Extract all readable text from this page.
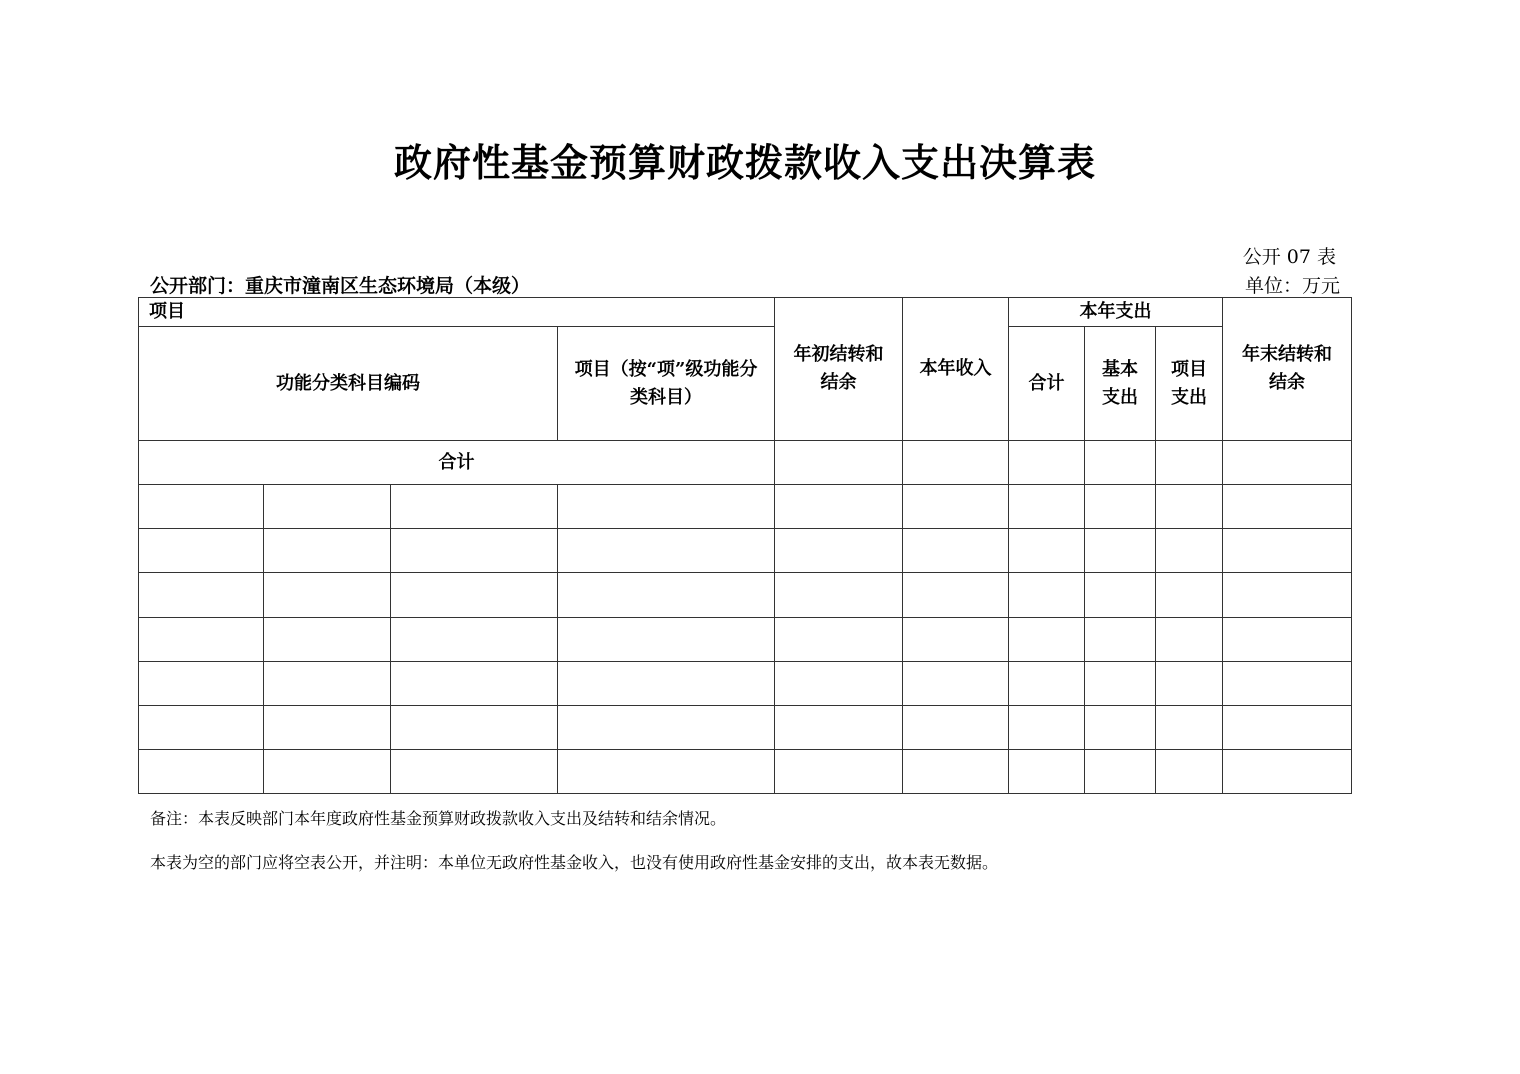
政府性基金预算财政拨款收入支出决算表
公开 07 表
单位：万元
公开部门：重庆市潼南区生态环境局（本级）
项目				年初结转和结余	本年收入	本年支出			年末结转和结余

功能分类科目编码			项目（按“项”级功能分类科目）			合计	基本支出	项目支出	

合计									

备注：本表反映部门本年度政府性基金预算财政拨款收入支出及结转和结余情况。
本表为空的部门应将空表公开，并注明：本单位无政府性基金收入，也没有使用政府性基金安排的支出，故本表无数据。
